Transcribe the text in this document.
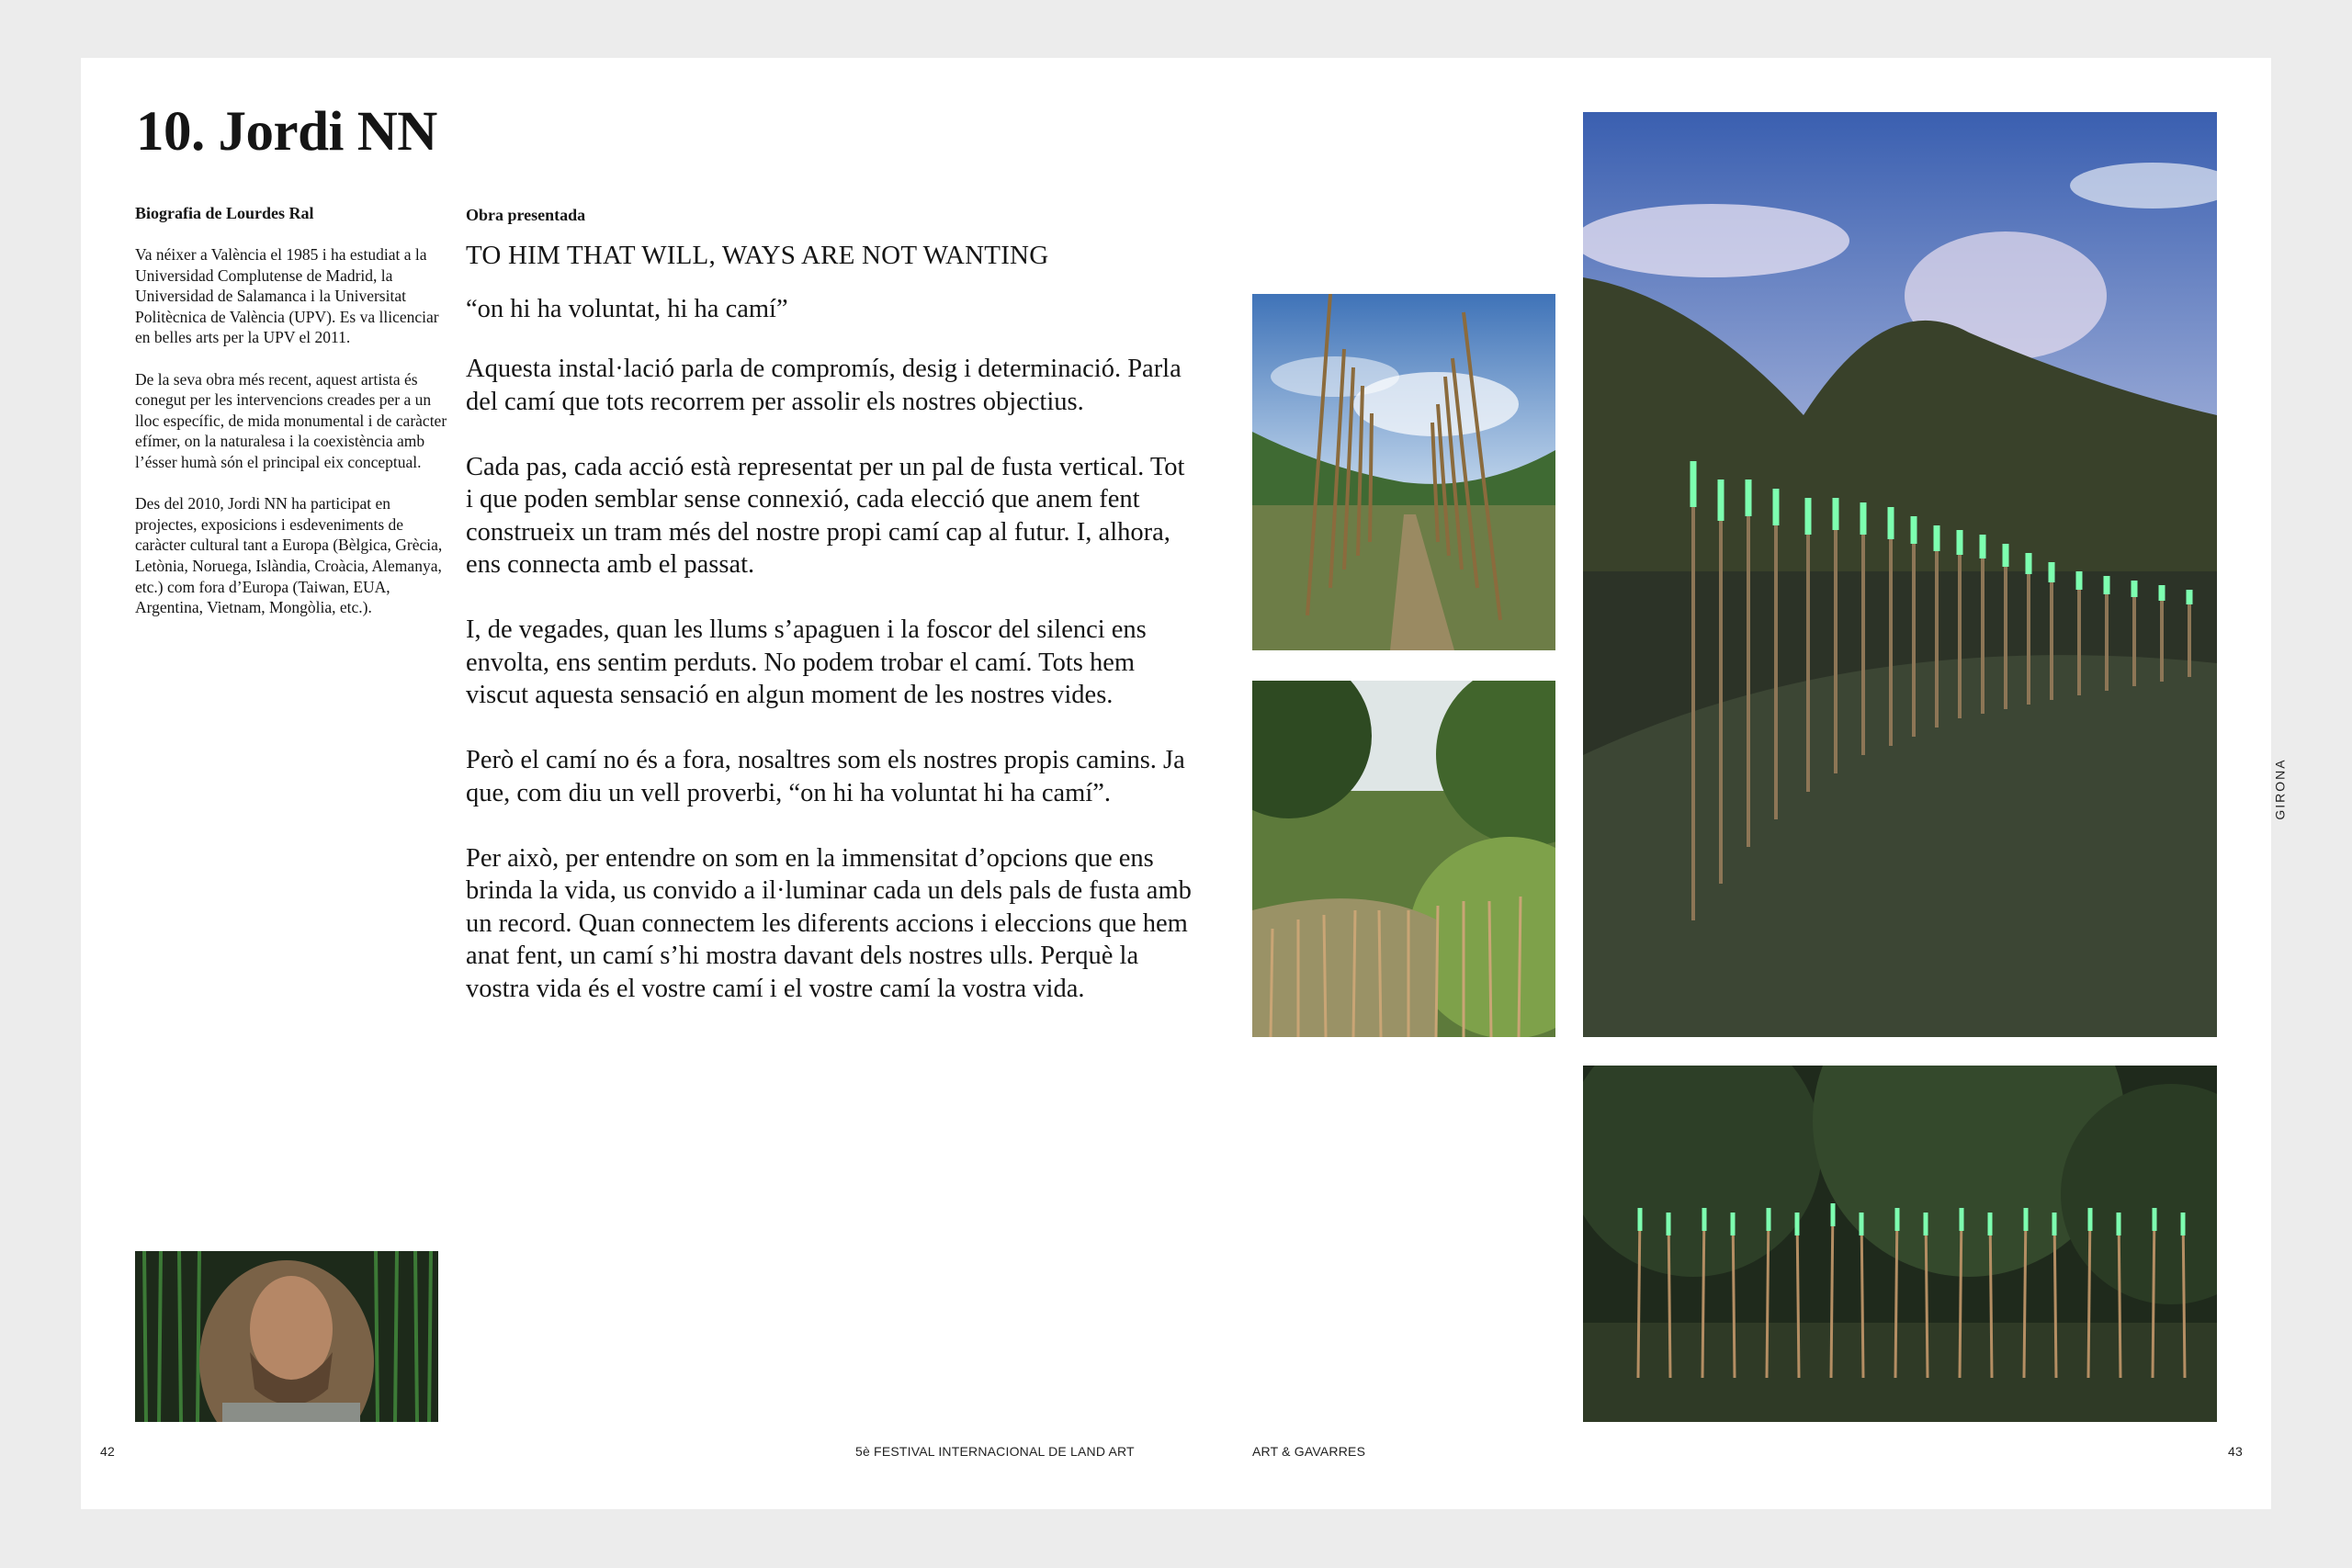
10. Jordi NN
Biografia de Lourdes Ral

Va néixer a València el 1985 i ha estudiat a la Universidad Complutense de Madrid, la Universidad de Salamanca i la Universitat Politècnica de València (UPV). Es va llicenciar en belles arts per la UPV el 2011.

De la seva obra més recent, aquest artista és conegut per les intervencions creades per a un lloc específic, de mida monumental i de caràcter efímer, on la naturalesa i la coexistència amb l’ésser humà són el principal eix conceptual.

Des del 2010, Jordi NN ha participat en projectes, exposicions i esdeveniments de caràcter cultural tant a Europa (Bèlgica, Grècia, Letònia, Noruega, Islàndia, Croàcia, Alemanya, etc.) com fora d’Europa (Taiwan, EUA, Argentina, Vietnam, Mongòlia, etc.).

Obra presentada

TO HIM THAT WILL, WAYS ARE NOT WANTING

“on hi ha voluntat, hi ha camí”

Aquesta instal·lació parla de compromís, desig i determinació. Parla del camí que tots recorrem per assolir els nostres objectius.

Cada pas, cada acció està representat per un pal de fusta vertical. Tot i que poden semblar sense connexió, cada elecció que anem fent construeix un tram més del nostre propi camí cap al futur. I, alhora, ens connecta amb el passat.

I, de vegades, quan les llums s’apaguen i la foscor del silenci ens envolta, ens sentim perduts. No podem trobar el camí. Tots hem viscut aquesta sensació en algun moment de les nostres vides.

Però el camí no és a fora, nosaltres som els nostres propis camins. Ja que, com diu un vell proverbi, “on hi ha voluntat hi ha camí”.

Per això, per entendre on som en la immensitat d’opcions que ens brinda la vida, us convido a il·luminar cada un dels pals de fusta amb un record. Quan connectem les diferents accions i eleccions que hem anat fent, un camí s’hi mostra davant dels nostres ulls. Perquè la vostra vida és el vostre camí i el vostre camí la vostra vida.

GIRONA
42	5è FESTIVAL INTERNACIONAL DE LAND ART	ART & GAVARRES	43
